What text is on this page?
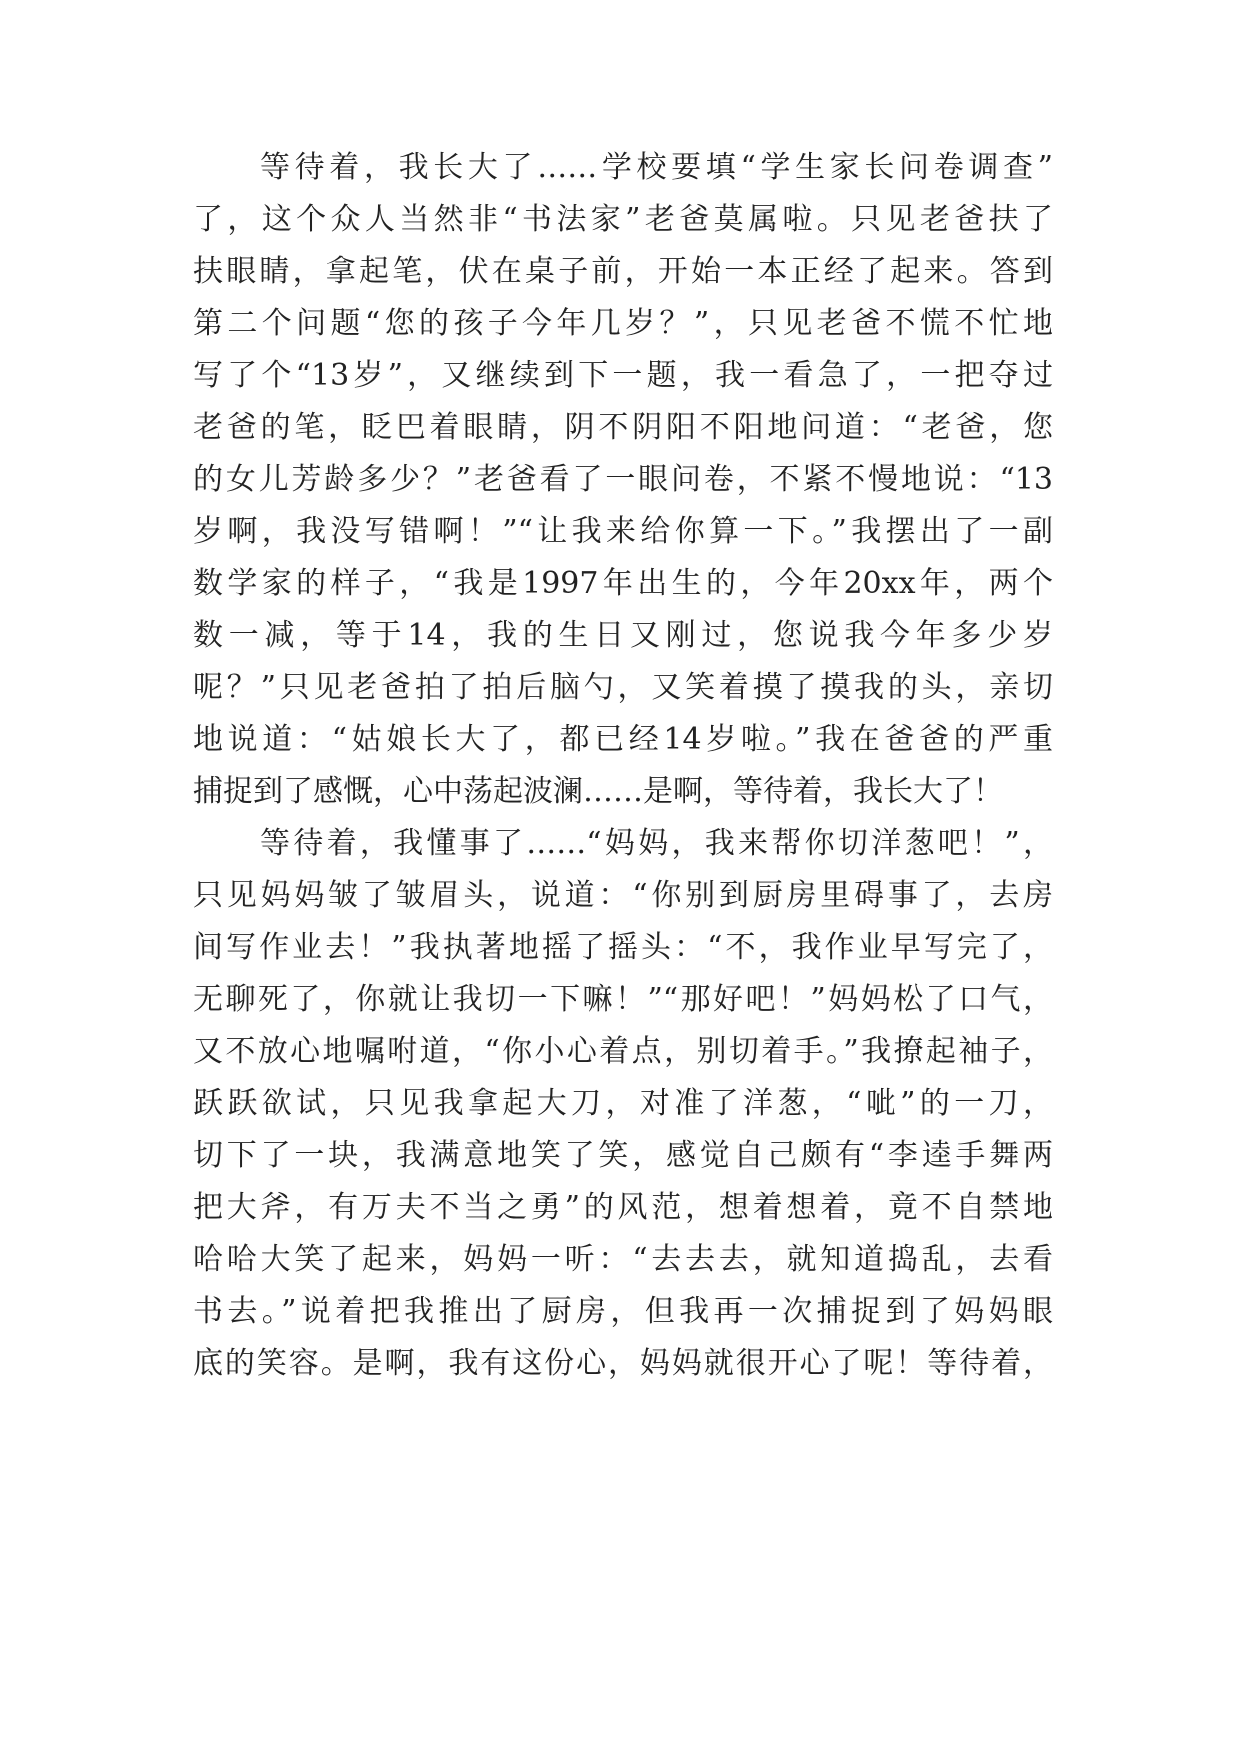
等待着，我长大了……学校要填“学生家长问卷调查”
了，这个众人当然非“书法家”老爸莫属啦。只见老爸扶了
扶眼睛，拿起笔，伏在桌子前，开始一本正经了起来。答到
第二个问题“您的孩子今年几岁？”，只见老爸不慌不忙地
写了个“13岁”，又继续到下一题，我一看急了，一把夺过
老爸的笔，眨巴着眼睛，阴不阴阳不阳地问道：“老爸，您
的女儿芳龄多少？”老爸看了一眼问卷，不紧不慢地说：“13
岁啊，我没写错啊！”“让我来给你算一下。”我摆出了一副
数学家的样子，“我是1997年出生的，今年20xx年，两个
数一减，等于14，我的生日又刚过，您说我今年多少岁
呢？”只见老爸拍了拍后脑勺，又笑着摸了摸我的头，亲切
地说道：“姑娘长大了，都已经14岁啦。”我在爸爸的严重
捕捉到了感慨，心中荡起波澜……是啊，等待着，我长大了！
等待着，我懂事了……“妈妈，我来帮你切洋葱吧！”，
只见妈妈皱了皱眉头，说道：“你别到厨房里碍事了，去房
间写作业去！”我执著地摇了摇头：“不，我作业早写完了，
无聊死了，你就让我切一下嘛！”“那好吧！”妈妈松了口气，
又不放心地嘱咐道，“你小心着点，别切着手。”我撩起袖子，
跃跃欲试，只见我拿起大刀，对准了洋葱，“呲”的一刀，
切下了一块，我满意地笑了笑，感觉自己颇有“李逵手舞两
把大斧，有万夫不当之勇”的风范，想着想着，竟不自禁地
哈哈大笑了起来，妈妈一听：“去去去，就知道捣乱，去看
书去。”说着把我推出了厨房，但我再一次捕捉到了妈妈眼
底的笑容。是啊，我有这份心，妈妈就很开心了呢！等待着，
